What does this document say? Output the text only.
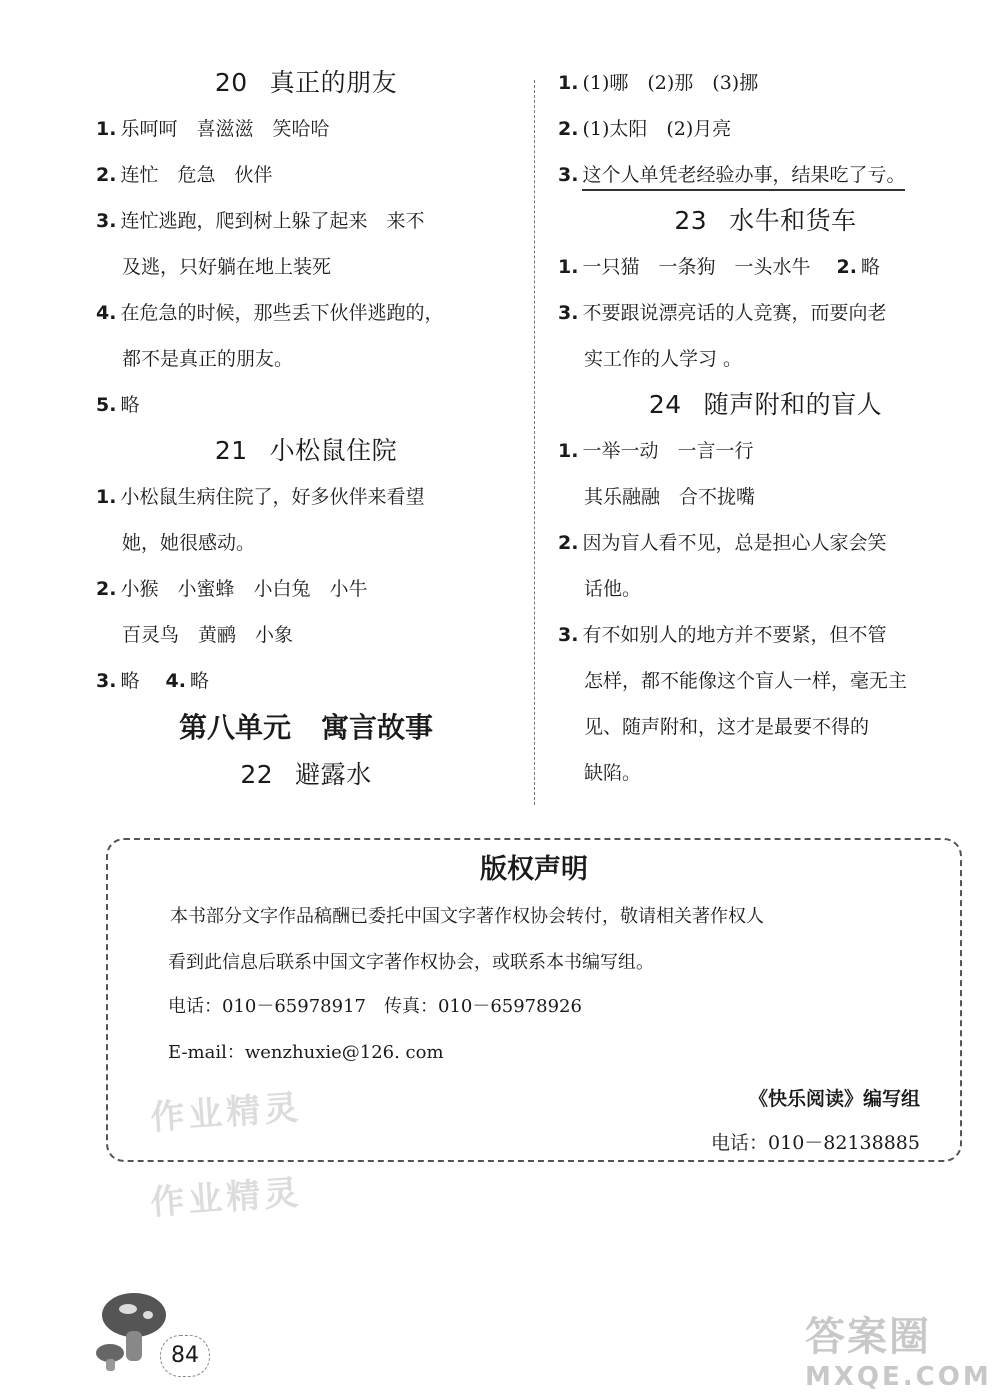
20 真正的朋友
1. 乐呵呵　喜滋滋　笑哈哈
2. 连忙　危急　伙伴
3. 连忙逃跑，爬到树上躲了起来　来不
及逃，只好躺在地上装死
4. 在危急的时候，那些丢下伙伴逃跑的，
都不是真正的朋友。
5. 略
21 小松鼠住院
1. 小松鼠生病住院了，好多伙伴来看望
她，她很感动。
2. 小猴　小蜜蜂　小白兔　小牛
百灵鸟　黄鹂　小象
3. 略 4. 略
第八单元 寓言故事
22 避露水
1. (1)哪　(2)那　(3)挪
2. (1)太阳　(2)月亮
3. 这个人单凭老经验办事，结果吃了亏。
23 水牛和货车
1. 一只猫　一条狗　一头水牛 2. 略
3. 不要跟说漂亮话的人竞赛，而要向老
实工作的人学习 。
24 随声附和的盲人
1. 一举一动　一言一行
其乐融融　合不拢嘴
2. 因为盲人看不见，总是担心人家会笑
话他。
3. 有不如别人的地方并不要紧，但不管
怎样，都不能像这个盲人一样，毫无主
见、随声附和，这才是最要不得的
缺陷。
版权声明
本书部分文字作品稿酬已委托中国文字著作权协会转付，敬请相关著作权人
看到此信息后联系中国文字著作权协会，或联系本书编写组。
电话：010－65978917　传真：010－65978926
E-mail：wenzhuxie@126. com
《快乐阅读》编写组
电话：010－82138885
作业精灵
作业精灵
84	答案圈
MXQE.COM
